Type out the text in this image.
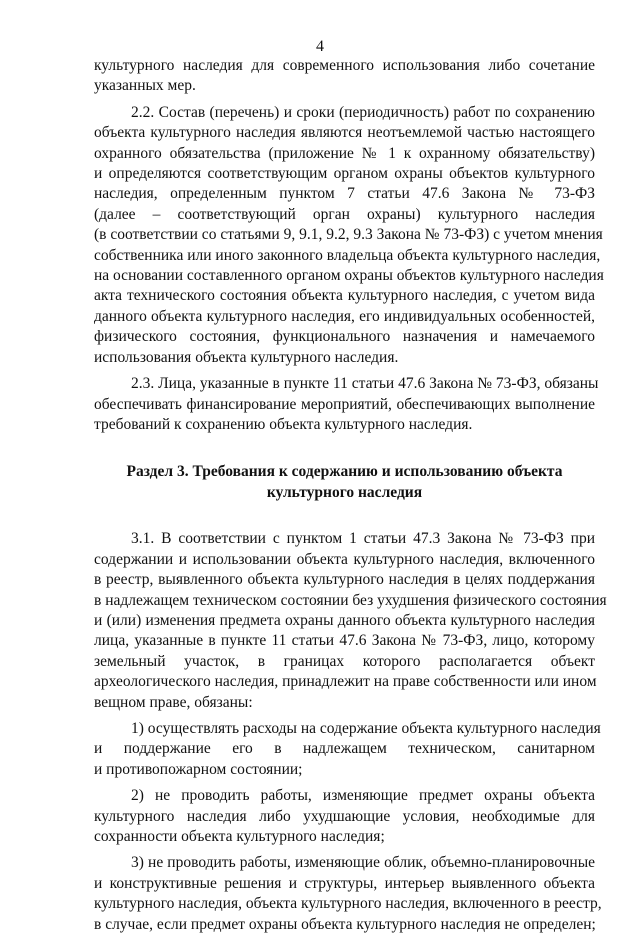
4
культурного наследия для современного использования либо сочетание
указанных мер.
2.2. Состав (перечень) и сроки (периодичность) работ по сохранению
объекта культурного наследия являются неотъемлемой частью настоящего
охранного обязательства (приложение № 1 к охранному обязательству)
и определяются соответствующим органом охраны объектов культурного
наследия, определенным пунктом 7 статьи 47.6 Закона № 73-ФЗ
(далее – соответствующий орган охраны) культурного наследия
(в соответствии со статьями 9, 9.1, 9.2, 9.3 Закона № 73-ФЗ) с учетом мнения
собственника или иного законного владельца объекта культурного наследия,
на основании составленного органом охраны объектов культурного наследия
акта технического состояния объекта культурного наследия, с учетом вида
данного объекта культурного наследия, его индивидуальных особенностей,
физического состояния, функционального назначения и намечаемого
использования объекта культурного наследия.
2.3. Лица, указанные в пункте 11 статьи 47.6 Закона № 73-ФЗ, обязаны
обеспечивать финансирование мероприятий, обеспечивающих выполнение
требований к сохранению объекта культурного наследия.
Раздел 3. Требования к содержанию и использованию объекта
культурного наследия
3.1. В соответствии с пунктом 1 статьи 47.3 Закона № 73-ФЗ при
содержании и использовании объекта культурного наследия, включенного
в реестр, выявленного объекта культурного наследия в целях поддержания
в надлежащем техническом состоянии без ухудшения физического состояния
и (или) изменения предмета охраны данного объекта культурного наследия
лица, указанные в пункте 11 статьи 47.6 Закона № 73-ФЗ, лицо, которому
земельный участок, в границах которого располагается объект
археологического наследия, принадлежит на праве собственности или ином
вещном праве, обязаны:
1) осуществлять расходы на содержание объекта культурного наследия
и поддержание его в надлежащем техническом, санитарном
и противопожарном состоянии;
2) не проводить работы, изменяющие предмет охраны объекта
культурного наследия либо ухудшающие условия, необходимые для
сохранности объекта культурного наследия;
3) не проводить работы, изменяющие облик, объемно-планировочные
и конструктивные решения и структуры, интерьер выявленного объекта
культурного наследия, объекта культурного наследия, включенного в реестр,
в случае, если предмет охраны объекта культурного наследия не определен;
